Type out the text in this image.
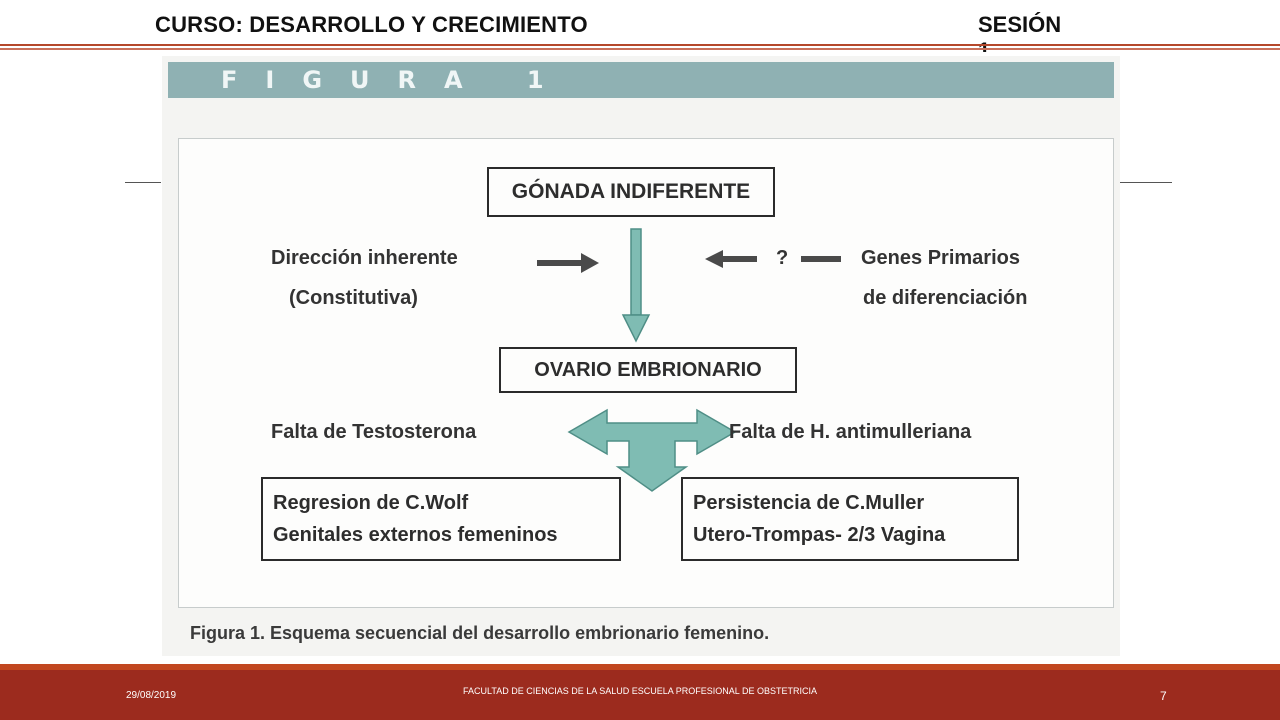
CURSO: DESARROLLO Y CRECIMIENTO	SESIÓN
FIGURA 1
GÓNADA INDIFERENTE
Dirección inherente
(Constitutiva)
?	Genes Primarios
de diferenciación
OVARIO EMBRIONARIO
Falta de Testosterona	Falta de H. antimulleriana
Regresion de C.Wolf
Genitales externos femeninos
Persistencia de C.Muller
Utero-Trompas- 2/3 Vagina
Figura 1. Esquema secuencial del desarrollo embrionario femenino.
29/08/2019	FACULTAD DE CIENCIAS DE LA SALUD ESCUELA PROFESIONAL DE OBSTETRICIA	7
